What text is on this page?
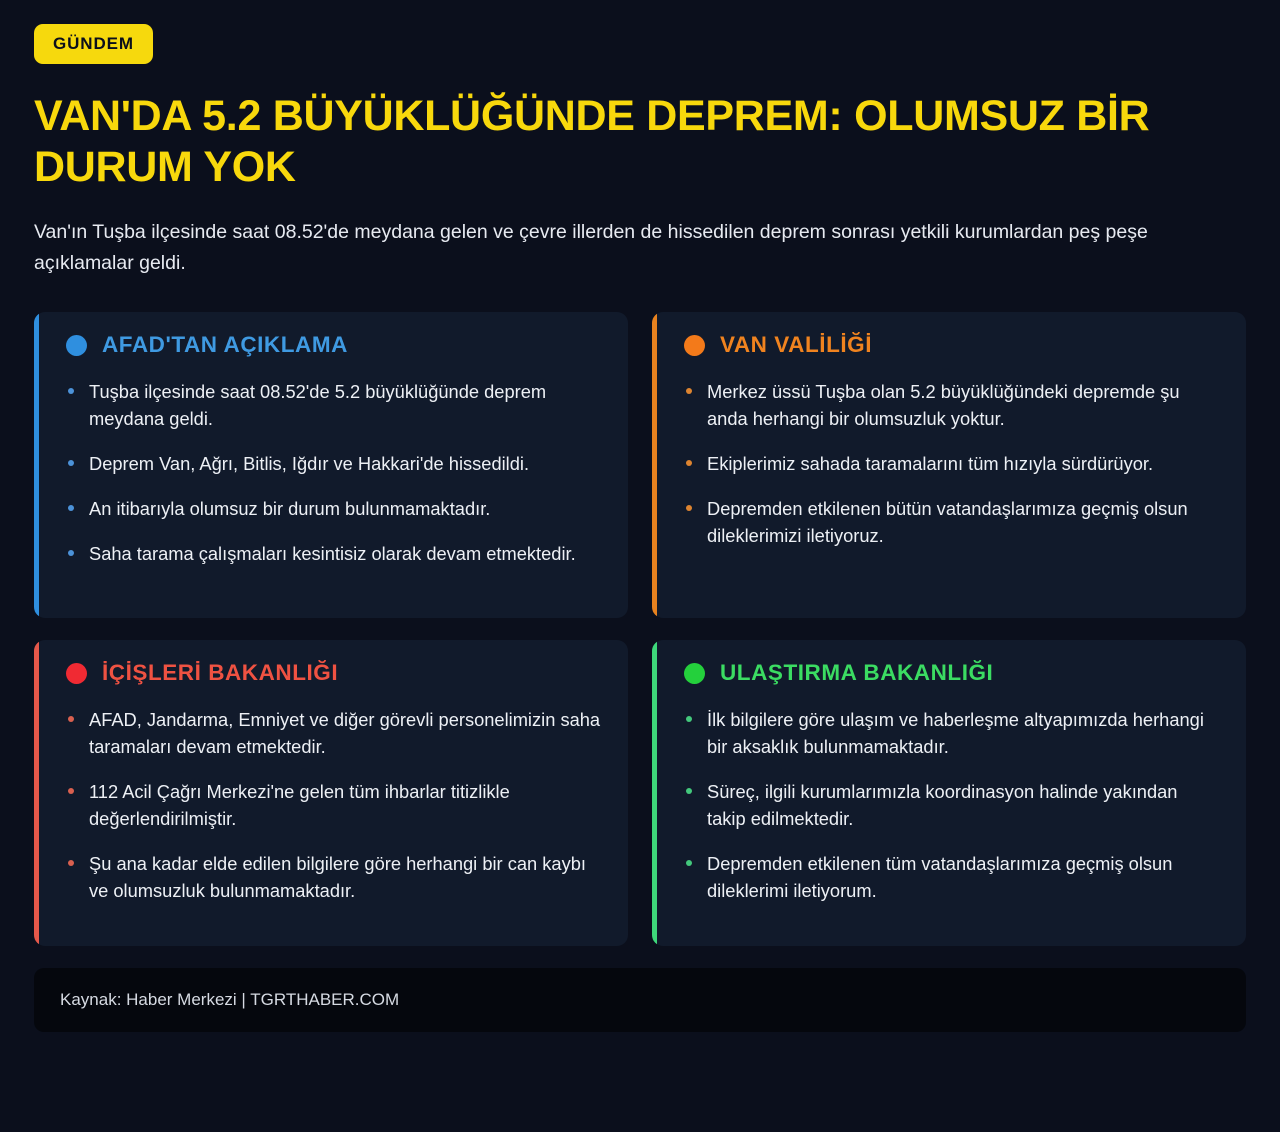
GÜNDEM
VAN'DA 5.2 BÜYÜKLÜĞÜNDE DEPREM: OLUMSUZ BİR DURUM YOK

Van'ın Tuşba ilçesinde saat 08.52'de meydana gelen ve çevre illerden de hissedilen deprem sonrası yetkili kurumlardan peş peşe açıklamalar geldi.

AFAD'TAN AÇIKLAMA
Tuşba ilçesinde saat 08.52'de 5.2 büyüklüğünde deprem meydana geldi.
Deprem Van, Ağrı, Bitlis, Iğdır ve Hakkari'de hissedildi.
An itibarıyla olumsuz bir durum bulunmamaktadır.
Saha tarama çalışmaları kesintisiz olarak devam etmektedir.
VAN VALİLİĞİ
Merkez üssü Tuşba olan 5.2 büyüklüğündeki depremde şu anda herhangi bir olumsuzluk yoktur.
Ekiplerimiz sahada taramalarını tüm hızıyla sürdürüyor.
Depremden etkilenen bütün vatandaşlarımıza geçmiş olsun dileklerimizi iletiyoruz.
İÇİŞLERİ BAKANLIĞI
AFAD, Jandarma, Emniyet ve diğer görevli personelimizin saha taramaları devam etmektedir.
112 Acil Çağrı Merkezi'ne gelen tüm ihbarlar titizlikle değerlendirilmiştir.
Şu ana kadar elde edilen bilgilere göre herhangi bir can kaybı ve olumsuzluk bulunmamaktadır.
ULAŞTIRMA BAKANLIĞI
İlk bilgilere göre ulaşım ve haberleşme altyapımızda herhangi bir aksaklık bulunmamaktadır.
Süreç, ilgili kurumlarımızla koordinasyon halinde yakından takip edilmektedir.
Depremden etkilenen tüm vatandaşlarımıza geçmiş olsun dileklerimi iletiyorum.
Kaynak: Haber Merkezi | TGRTHABER.COM
